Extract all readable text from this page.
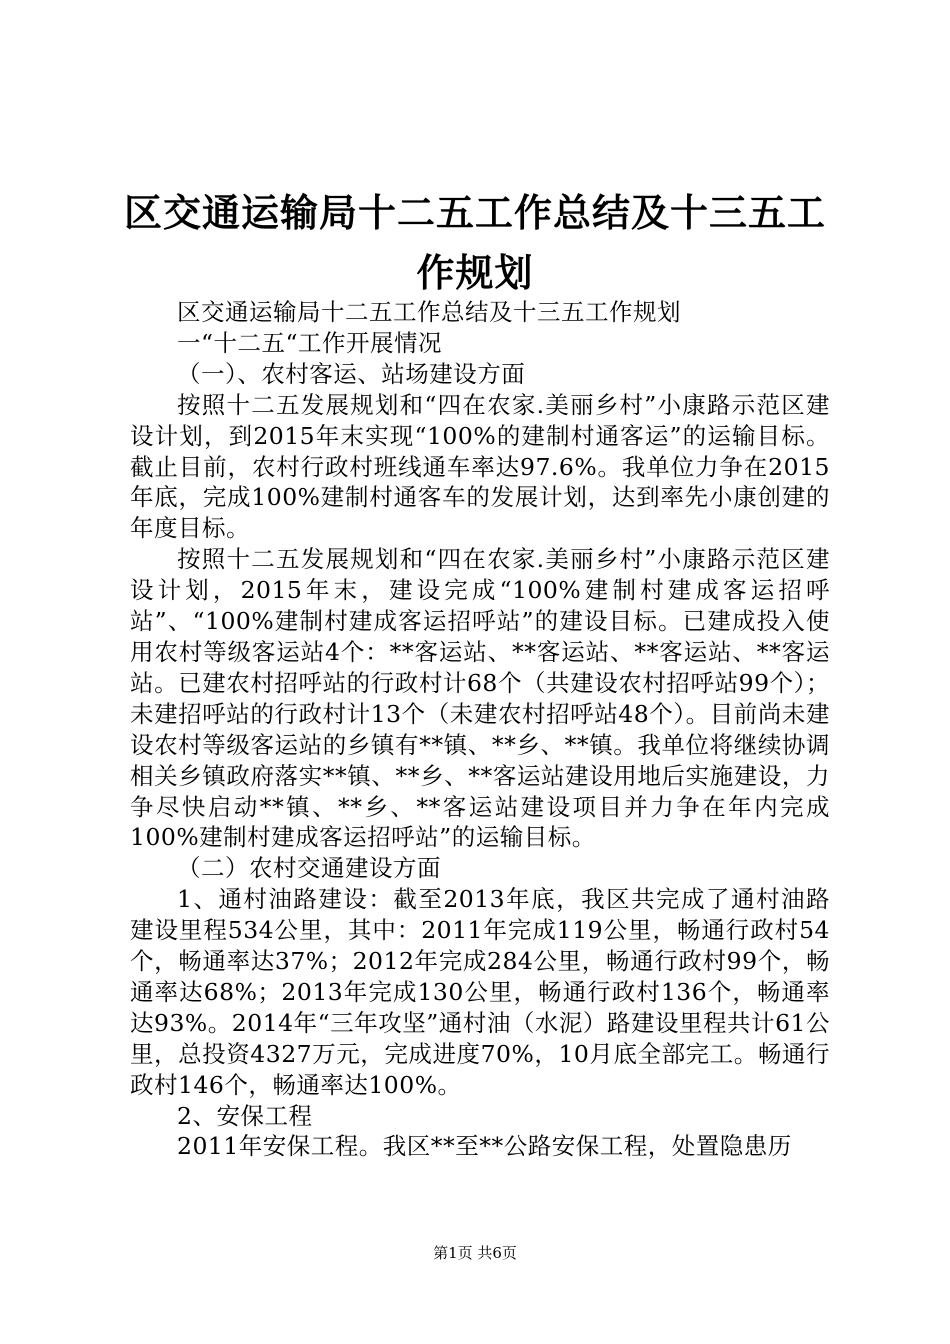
区交通运输局十二五工作总结及十三五工作规划

区交通运输局十二五工作总结及十三五工作规划

一“十二五“工作开展情况

（一）、农村客运、站场建设方面

按照十二五发展规划和“四在农家.美丽乡村”小康路示范区建设计划，到2015年末实现“100%的建制村通客运”的运输目标。截止目前，农村行政村班线通车率达97.6%。我单位力争在2015年底，完成100%建制村通客车的发展计划，达到率先小康创建的年度目标。

按照十二五发展规划和“四在农家.美丽乡村”小康路示范区建设计划，2015年末，建设完成“100%建制村建成客运招呼站”、“100%建制村建成客运招呼站”的建设目标。已建成投入使用农村等级客运站4个：**客运站、**客运站、**客运站、**客运站。已建农村招呼站的行政村计68个（共建设农村招呼站99个）；未建招呼站的行政村计13个（未建农村招呼站48个）。目前尚未建设农村等级客运站的乡镇有**镇、**乡、**镇。我单位将继续协调相关乡镇政府落实**镇、**乡、**客运站建设用地后实施建设，力争尽快启动**镇、**乡、**客运站建设项目并力争在年内完成100%建制村建成客运招呼站”的运输目标。

（二）农村交通建设方面

1、通村油路建设：截至2013年底，我区共完成了通村油路建设里程534公里，其中：2011年完成119公里，畅通行政村54个，畅通率达37%；2012年完成284公里，畅通行政村99个，畅通率达68%；2013年完成130公里，畅通行政村136个，畅通率达93%。2014年“三年攻坚”通村油（水泥）路建设里程共计61公里，总投资4327万元，完成进度70%，10月底全部完工。畅通行政村146个，畅通率达100%。

2、安保工程

2011年安保工程。我区**至**公路安保工程，处置隐患历

第1页 共6页
